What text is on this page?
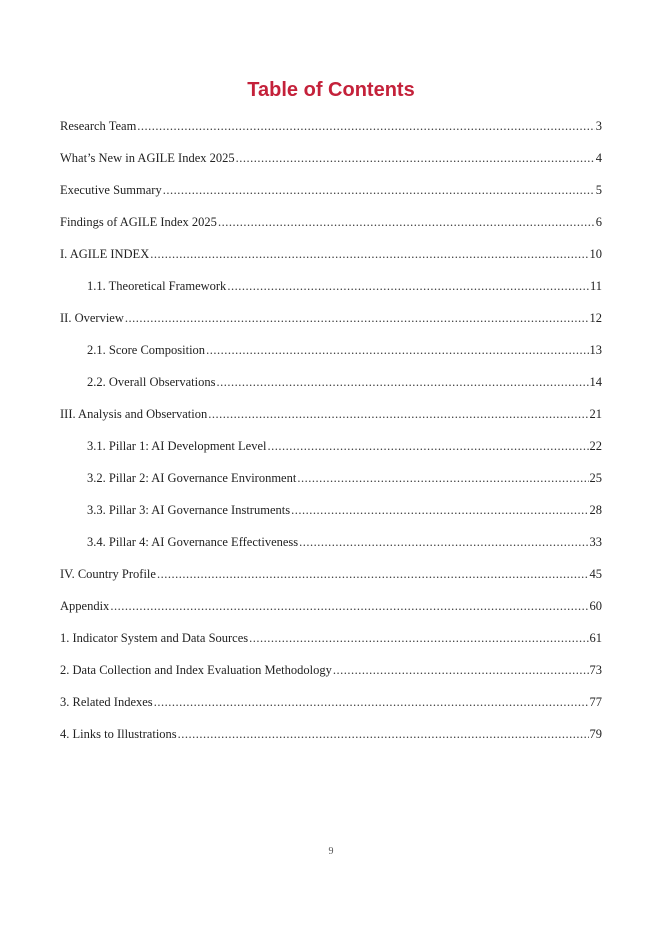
Table of Contents
Research Team .....	3
What’s New in AGILE Index 2025 .....	4
Executive Summary .....	5
Findings of AGILE Index 2025 .....	6
I. AGILE INDEX .....	10
1.1. Theoretical Framework .....	11
II. Overview .....	12
2.1. Score Composition .....	13
2.2. Overall Observations .....	14
III. Analysis and Observation .....	21
3.1. Pillar 1: AI Development Level .....	22
3.2. Pillar 2: AI Governance Environment .....	25
3.3. Pillar 3: AI Governance Instruments .....	28
3.4. Pillar 4: AI Governance Effectiveness .....	33
IV. Country Profile .....	45
Appendix .....	60
1. Indicator System and Data Sources .....	61
2. Data Collection and Index Evaluation Methodology .....	73
3. Related Indexes .....	77
4. Links to Illustrations .....	79
9
